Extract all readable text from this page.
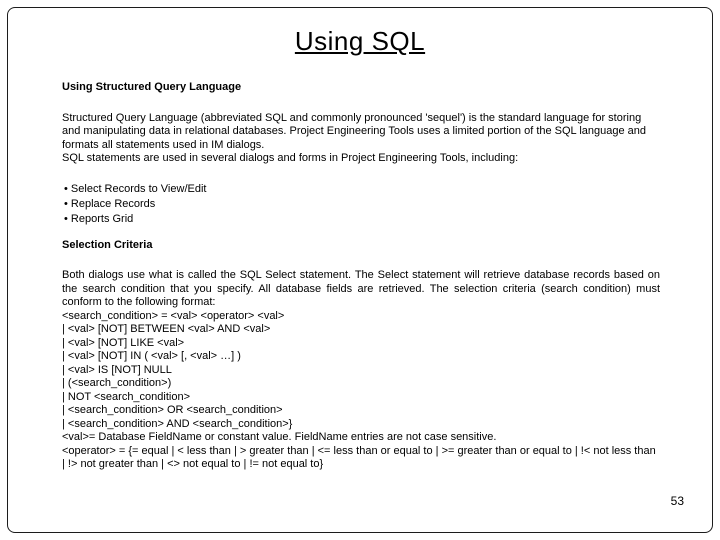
Using SQL
Using Structured Query Language
Structured Query Language (abbreviated SQL and commonly pronounced 'sequel') is the standard language for storing and manipulating data in relational databases. Project Engineering Tools uses a limited portion of the SQL language and formats all statements used in IM dialogs.
SQL statements are used in several dialogs and forms in Project Engineering Tools, including:
• Select Records to View/Edit
• Replace Records
• Reports Grid
Selection Criteria
Both dialogs use what is called the SQL Select statement. The Select statement will retrieve database records based on the search condition that you specify. All database fields are retrieved. The selection criteria (search condition) must conform to the following format:
<search_condition> = <val> <operator> <val>
| <val> [NOT] BETWEEN <val> AND <val>
| <val> [NOT] LIKE <val>
| <val> [NOT] IN ( <val> [, <val> …] )
| <val> IS [NOT] NULL
| (<search_condition>)
| NOT <search_condition>
| <search_condition> OR <search_condition>
| <search_condition> AND <search_condition>}
<val>= Database FieldName or constant value. FieldName entries are not case sensitive.
<operator> = {= equal | < less than | > greater than | <= less than or equal to | >= greater than or equal to | !< not less than | !> not greater than | <> not equal to | != not equal to}
53
